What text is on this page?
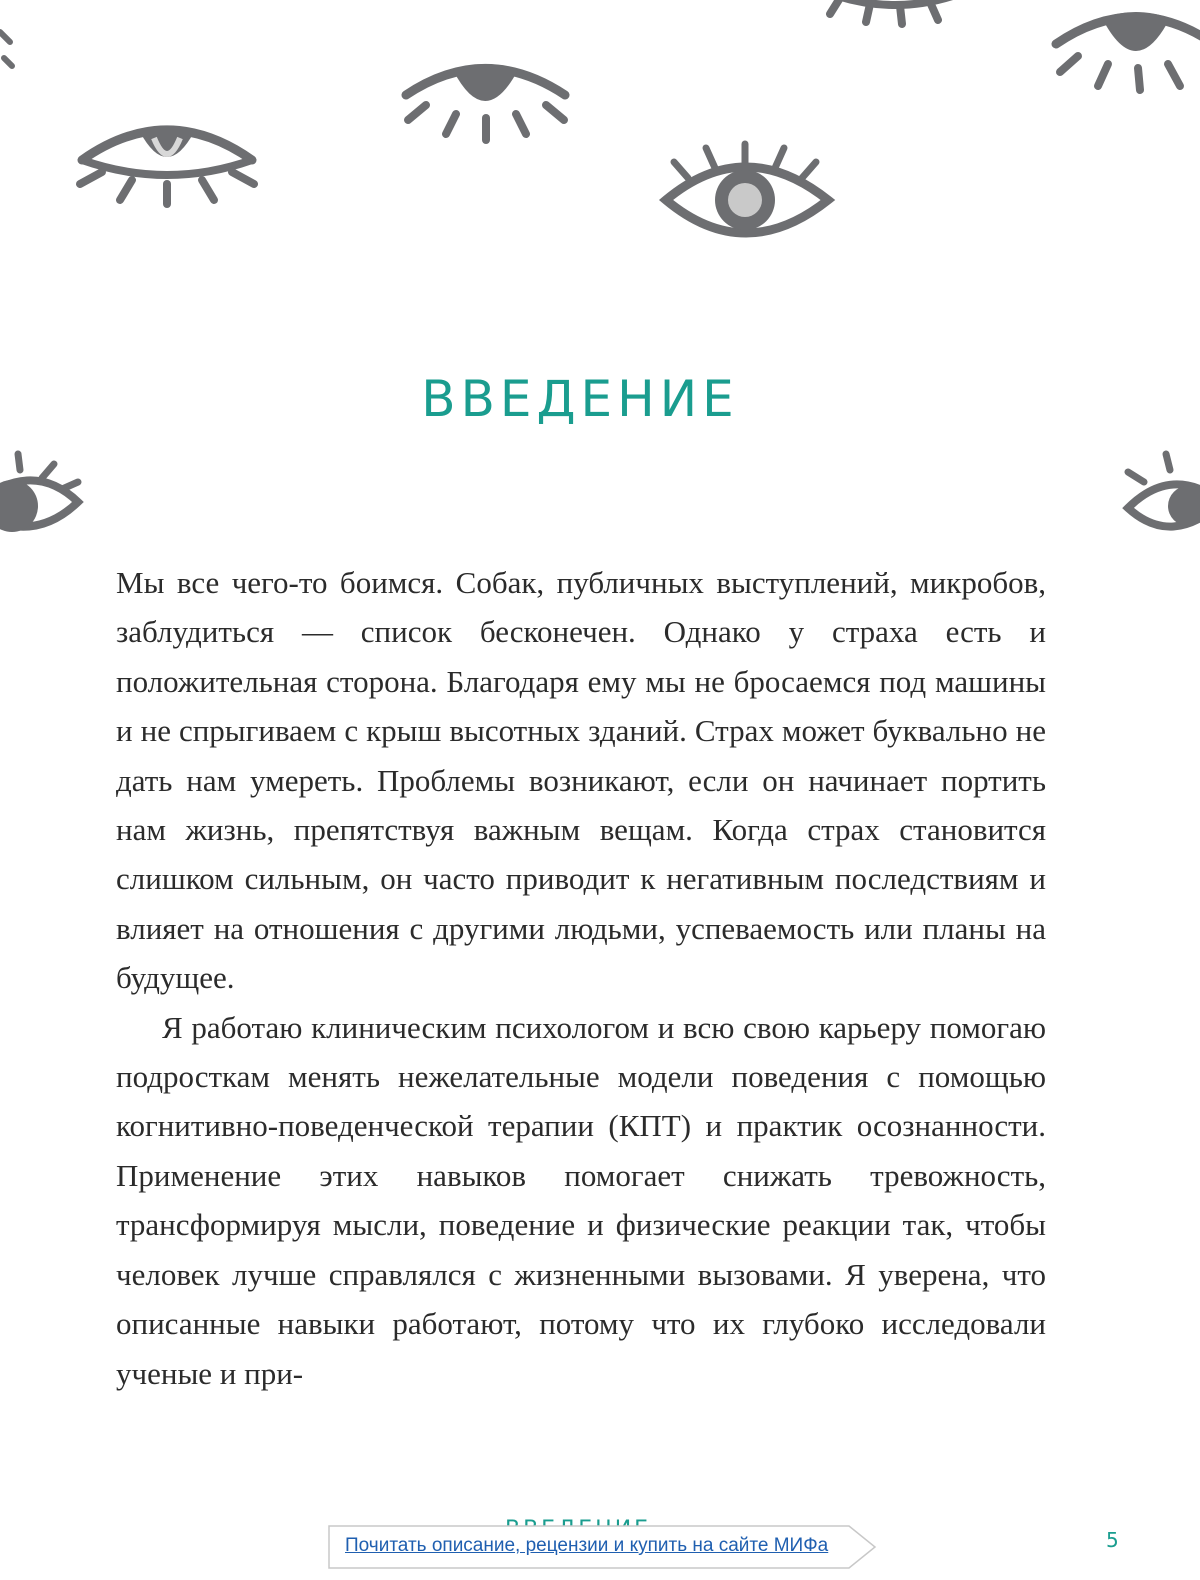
ВВЕДЕНИЕ

Мы все чего-то боимся. Собак, публичных выступлений, микробов, заблудиться — список бесконечен. Однако у страха есть и положительная сторона. Благодаря ему мы не бросаемся под машины и не спрыгиваем с крыш высотных зданий. Страх может буквально не дать нам умереть. Проблемы возникают, если он начинает портить нам жизнь, препятствуя важным вещам. Когда страх становится слишком сильным, он часто приводит к негативным последствиям и влияет на отношения с другими людьми, успеваемость или планы на будущее.

Я работаю клиническим психологом и всю свою карьеру помогаю подросткам менять нежелательные модели поведения с помощью когнитивно-поведенческой терапии (КПТ) и практик осознанности. Применение этих навыков помогает снижать тревожность, трансформируя мысли, поведение и физические реакции так, чтобы человек лучше справлялся с жизненными вызовами. Я уверена, что описанные навыки работают, потому что их глубоко исследовали ученые и при-

5
Почитать описание, рецензии и купить на сайте МИФа
